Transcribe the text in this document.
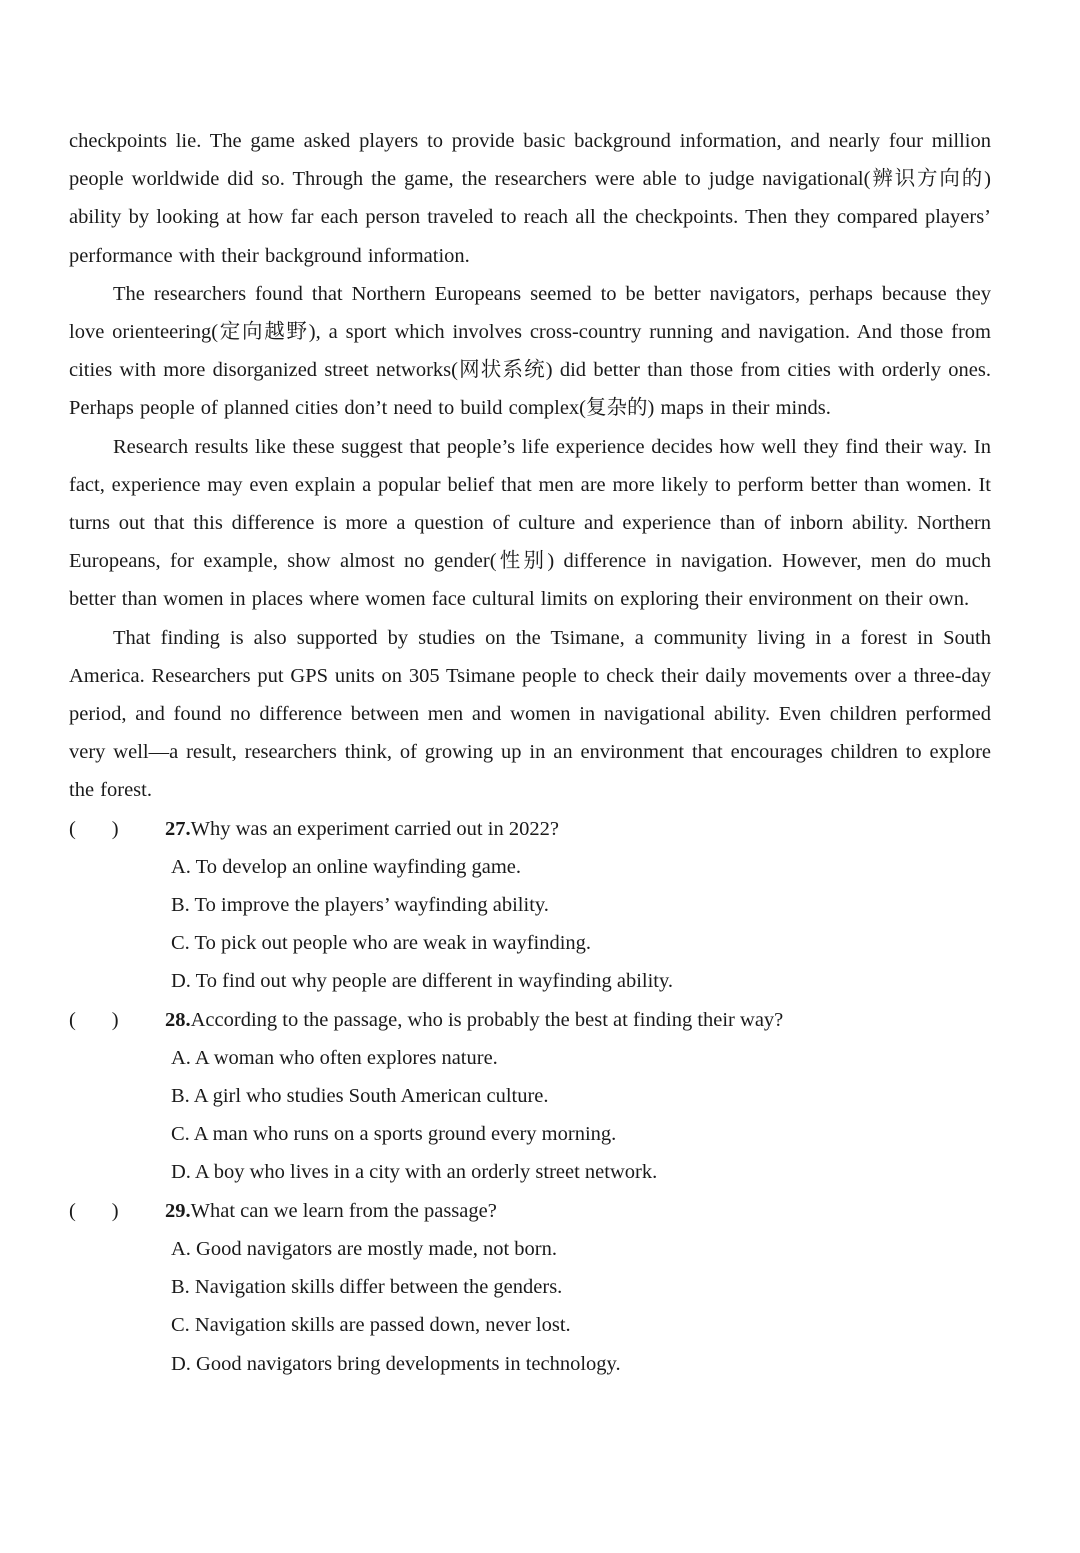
checkpoints lie. The game asked players to provide basic background information, and nearly four million people worldwide did so. Through the game, the researchers were able to judge navigational(辨识方向的) ability by looking at how far each person traveled to reach all the checkpoints. Then they compared players’ performance with their background information.

The researchers found that Northern Europeans seemed to be better navigators, perhaps because they love orienteering(定向越野), a sport which involves cross-country running and navigation. And those from cities with more disorganized street networks(网状系统) did better than those from cities with orderly ones. Perhaps people of planned cities don’t need to build complex(复杂的) maps in their minds.

Research results like these suggest that people’s life experience decides how well they find their way. In fact, experience may even explain a popular belief that men are more likely to perform better than women. It turns out that this difference is more a question of culture and experience than of inborn ability. Northern Europeans, for example, show almost no gender(性别) difference in navigation. However, men do much better than women in places where women face cultural limits on exploring their environment on their own.

That finding is also supported by studies on the Tsimane, a community living in a forest in South America. Researchers put GPS units on 305 Tsimane people to check their daily movements over a three-day period, and found no difference between men and women in navigational ability. Even children performed very well—a result, researchers think, of growing up in an environment that encourages children to explore the forest.

(       )	27. Why was an experiment carried out in 2022?
A. To develop an online wayfinding game.
B. To improve the players’ wayfinding ability.
C. To pick out people who are weak in wayfinding.
D. To find out why people are different in wayfinding ability.
(       )	28. According to the passage, who is probably the best at finding their way?
A. A woman who often explores nature.
B. A girl who studies South American culture.
C. A man who runs on a sports ground every morning.
D. A boy who lives in a city with an orderly street network.
(       )	29. What can we learn from the passage?
A. Good navigators are mostly made, not born.
B. Navigation skills differ between the genders.
C. Navigation skills are passed down, never lost.
D. Good navigators bring developments in technology.
